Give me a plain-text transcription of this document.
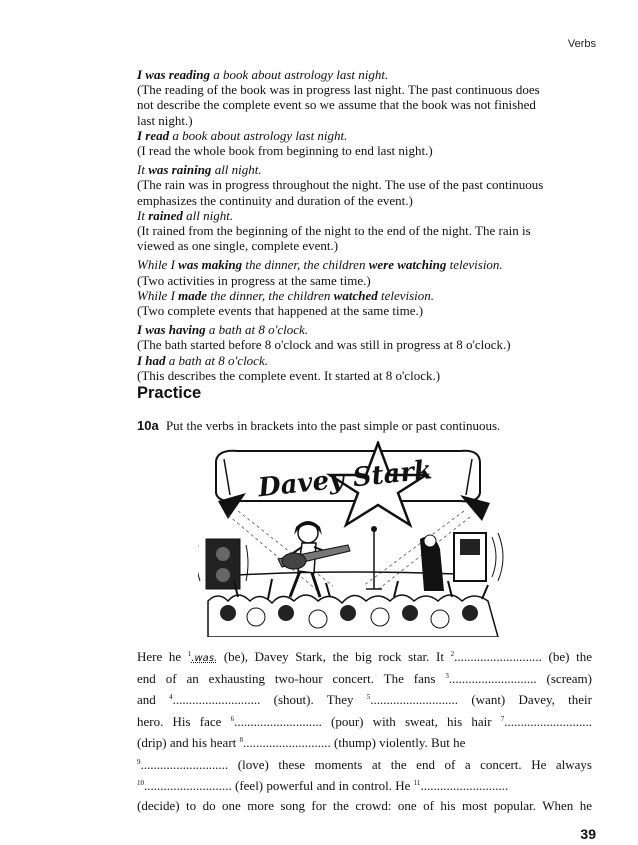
Verbs

I was reading a book about astrology last night.

(The reading of the book was in progress last night. The past continuous does

not describe the complete event so we assume that the book was not finished

last night.)

I read a book about astrology last night.

(I read the whole book from beginning to end last night.)

It was raining all night.

(The rain was in progress throughout the night. The use of the past continuous

emphasizes the continuity and duration of the event.)

It rained all night.

(It rained from the beginning of the night to the end of the night. The rain is

viewed as one single, complete event.)

While I was making the dinner, the children were watching television.

(Two activities in progress at the same time.)

While I made the dinner, the children watched television.

(Two complete events that happened at the same time.)

I was having a bath at 8 o'clock.

(The bath started before 8 o'clock and was still in progress at 8 o'clock.)

I had a bath at 8 o'clock.

(This describes the complete event. It started at 8 o'clock.)

Practice
10a Put the verbs in brackets into the past simple or past continuous.
Davey Stark
Here he $^1$.was. (be), Davey Stark, the big rock star. It $^2$........................... (be) the
end of an exhausting two-hour concert. The fans $^3$........................... (scream)
and $^4$........................... (shout). They $^5$........................... (want) Davey, their
hero. His face $^6$........................... (pour) with sweat, his hair $^7$...........................
(drip) and his heart $^8$........................... (thump) violently. But he
$^9$........................... (love) these moments at the end of a concert. He always
$^{10}$........................... (feel) powerful and in control. He $^{11}$...........................
(decide) to do one more song for the crowd: one of his most popular. When he
39
